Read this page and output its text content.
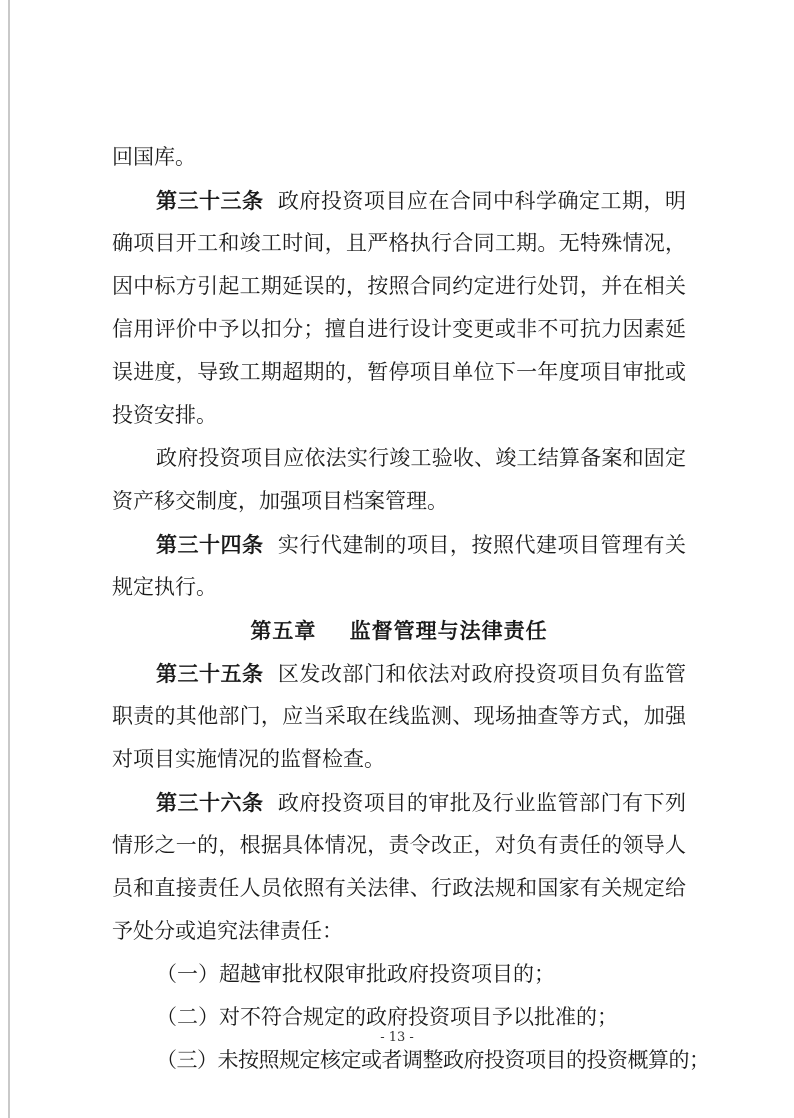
回国库。
第三十三条  政府投资项目应在合同中科学确定工期，明
确项目开工和竣工时间，且严格执行合同工期。无特殊情况，
因中标方引起工期延误的，按照合同约定进行处罚，并在相关
信用评价中予以扣分；擅自进行设计变更或非不可抗力因素延
误进度，导致工期超期的，暂停项目单位下一年度项目审批或
投资安排。
政府投资项目应依法实行竣工验收、竣工结算备案和固定
资产移交制度，加强项目档案管理。
第三十四条  实行代建制的项目，按照代建项目管理有关
规定执行。
第五章    监督管理与法律责任
第三十五条  区发改部门和依法对政府投资项目负有监管
职责的其他部门，应当采取在线监测、现场抽查等方式，加强
对项目实施情况的监督检查。
第三十六条  政府投资项目的审批及行业监管部门有下列
情形之一的，根据具体情况，责令改正，对负有责任的领导人
员和直接责任人员依照有关法律、行政法规和国家有关规定给
予处分或追究法律责任：
（一）超越审批权限审批政府投资项目的；
（二）对不符合规定的政府投资项目予以批准的；
（三）未按照规定核定或者调整政府投资项目的投资概算的；
- 13 -
